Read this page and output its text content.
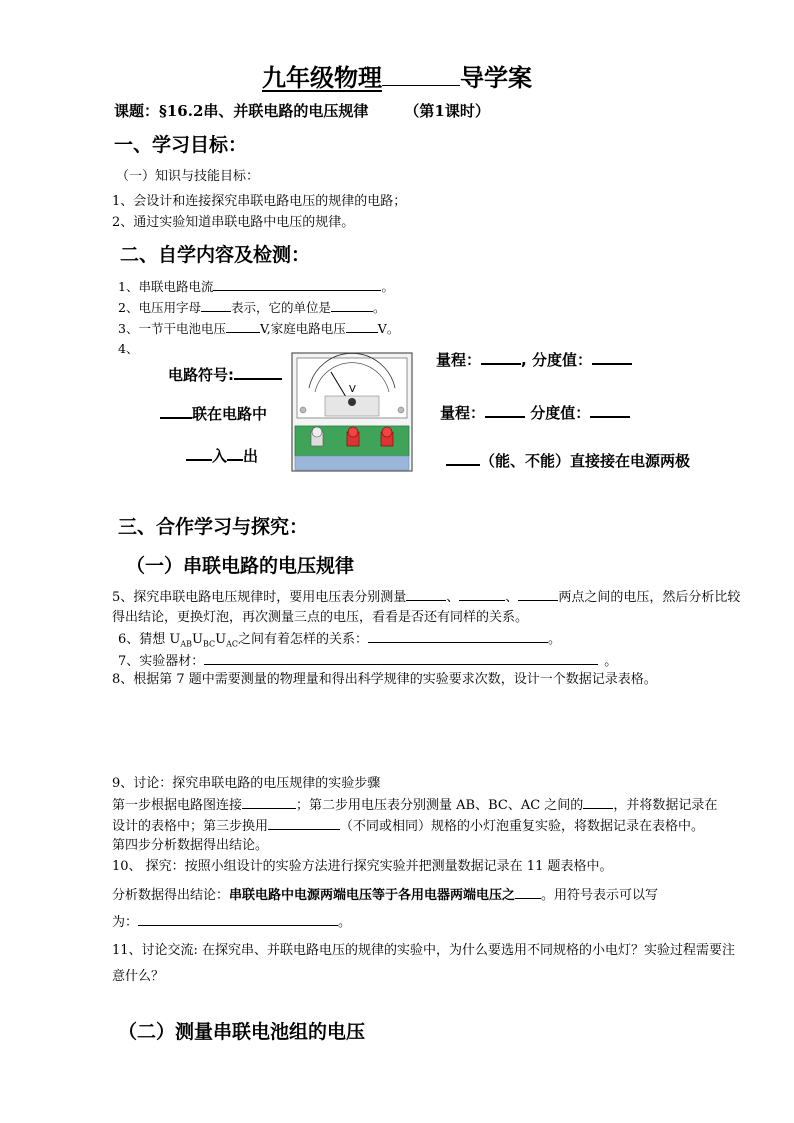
九年级物理	导学案
课题：§16.2串、并联电路的电压规律 （第1课时）
一、学习目标：
（一）知识与技能目标：
1、会设计和连接探究串联电路电压的规律的电路；
2、通过实验知道串联电路中电压的规律。
二、自学内容及检测：
1、串联电路电流	。
2、电压用字母 表示，它的单位是	。
3、一节干电池电压	V,家庭电路电压	V。
4、
电路符号:
联在电路中
入 出
量程：	, 分度值：
量程：	分度值：
（能、不能）直接接在电源两极
V
三、合作学习与探究：
（一）串联电路的电压规律
5、探究串联电路电压规律时，要用电压表分别测量	、	、	两点之间的电压，然后分析比较得出结论，更换灯泡，再次测量三点的电压，看看是否还有同样的关系。
6、猜想 $U_{AB}U_{BC}U_{AC}$之间有着怎样的关系：	。
7、实验器材：	。
8、根据第 7 题中需要测量的物理量和得出科学规律的实验要求次数，设计一个数据记录表格。
9、讨论：探究串联电路的电压规律的实验步骤
第一步根据电路图连接	；第二步用电压表分别测量 AB、BC、AC 之间的 ，并将数据记录在
设计的表格中；第三步换用	（不同或相同）规格的小灯泡重复实验，将数据记录在表格中。
第四步分析数据得出结论。
10、 探究：按照小组设计的实验方法进行探究实验并把测量数据记录在 11 题表格中。
分析数据得出结论：串联电路中电源两端电压等于各用电器两端电压之 。用符号表示可以写
为：	。
11、讨论交流: 在探究串、并联电路电压的规律的实验中，为什么要选用不同规格的小电灯？实验过程需要注意什么？
（二）测量串联电池组的电压
